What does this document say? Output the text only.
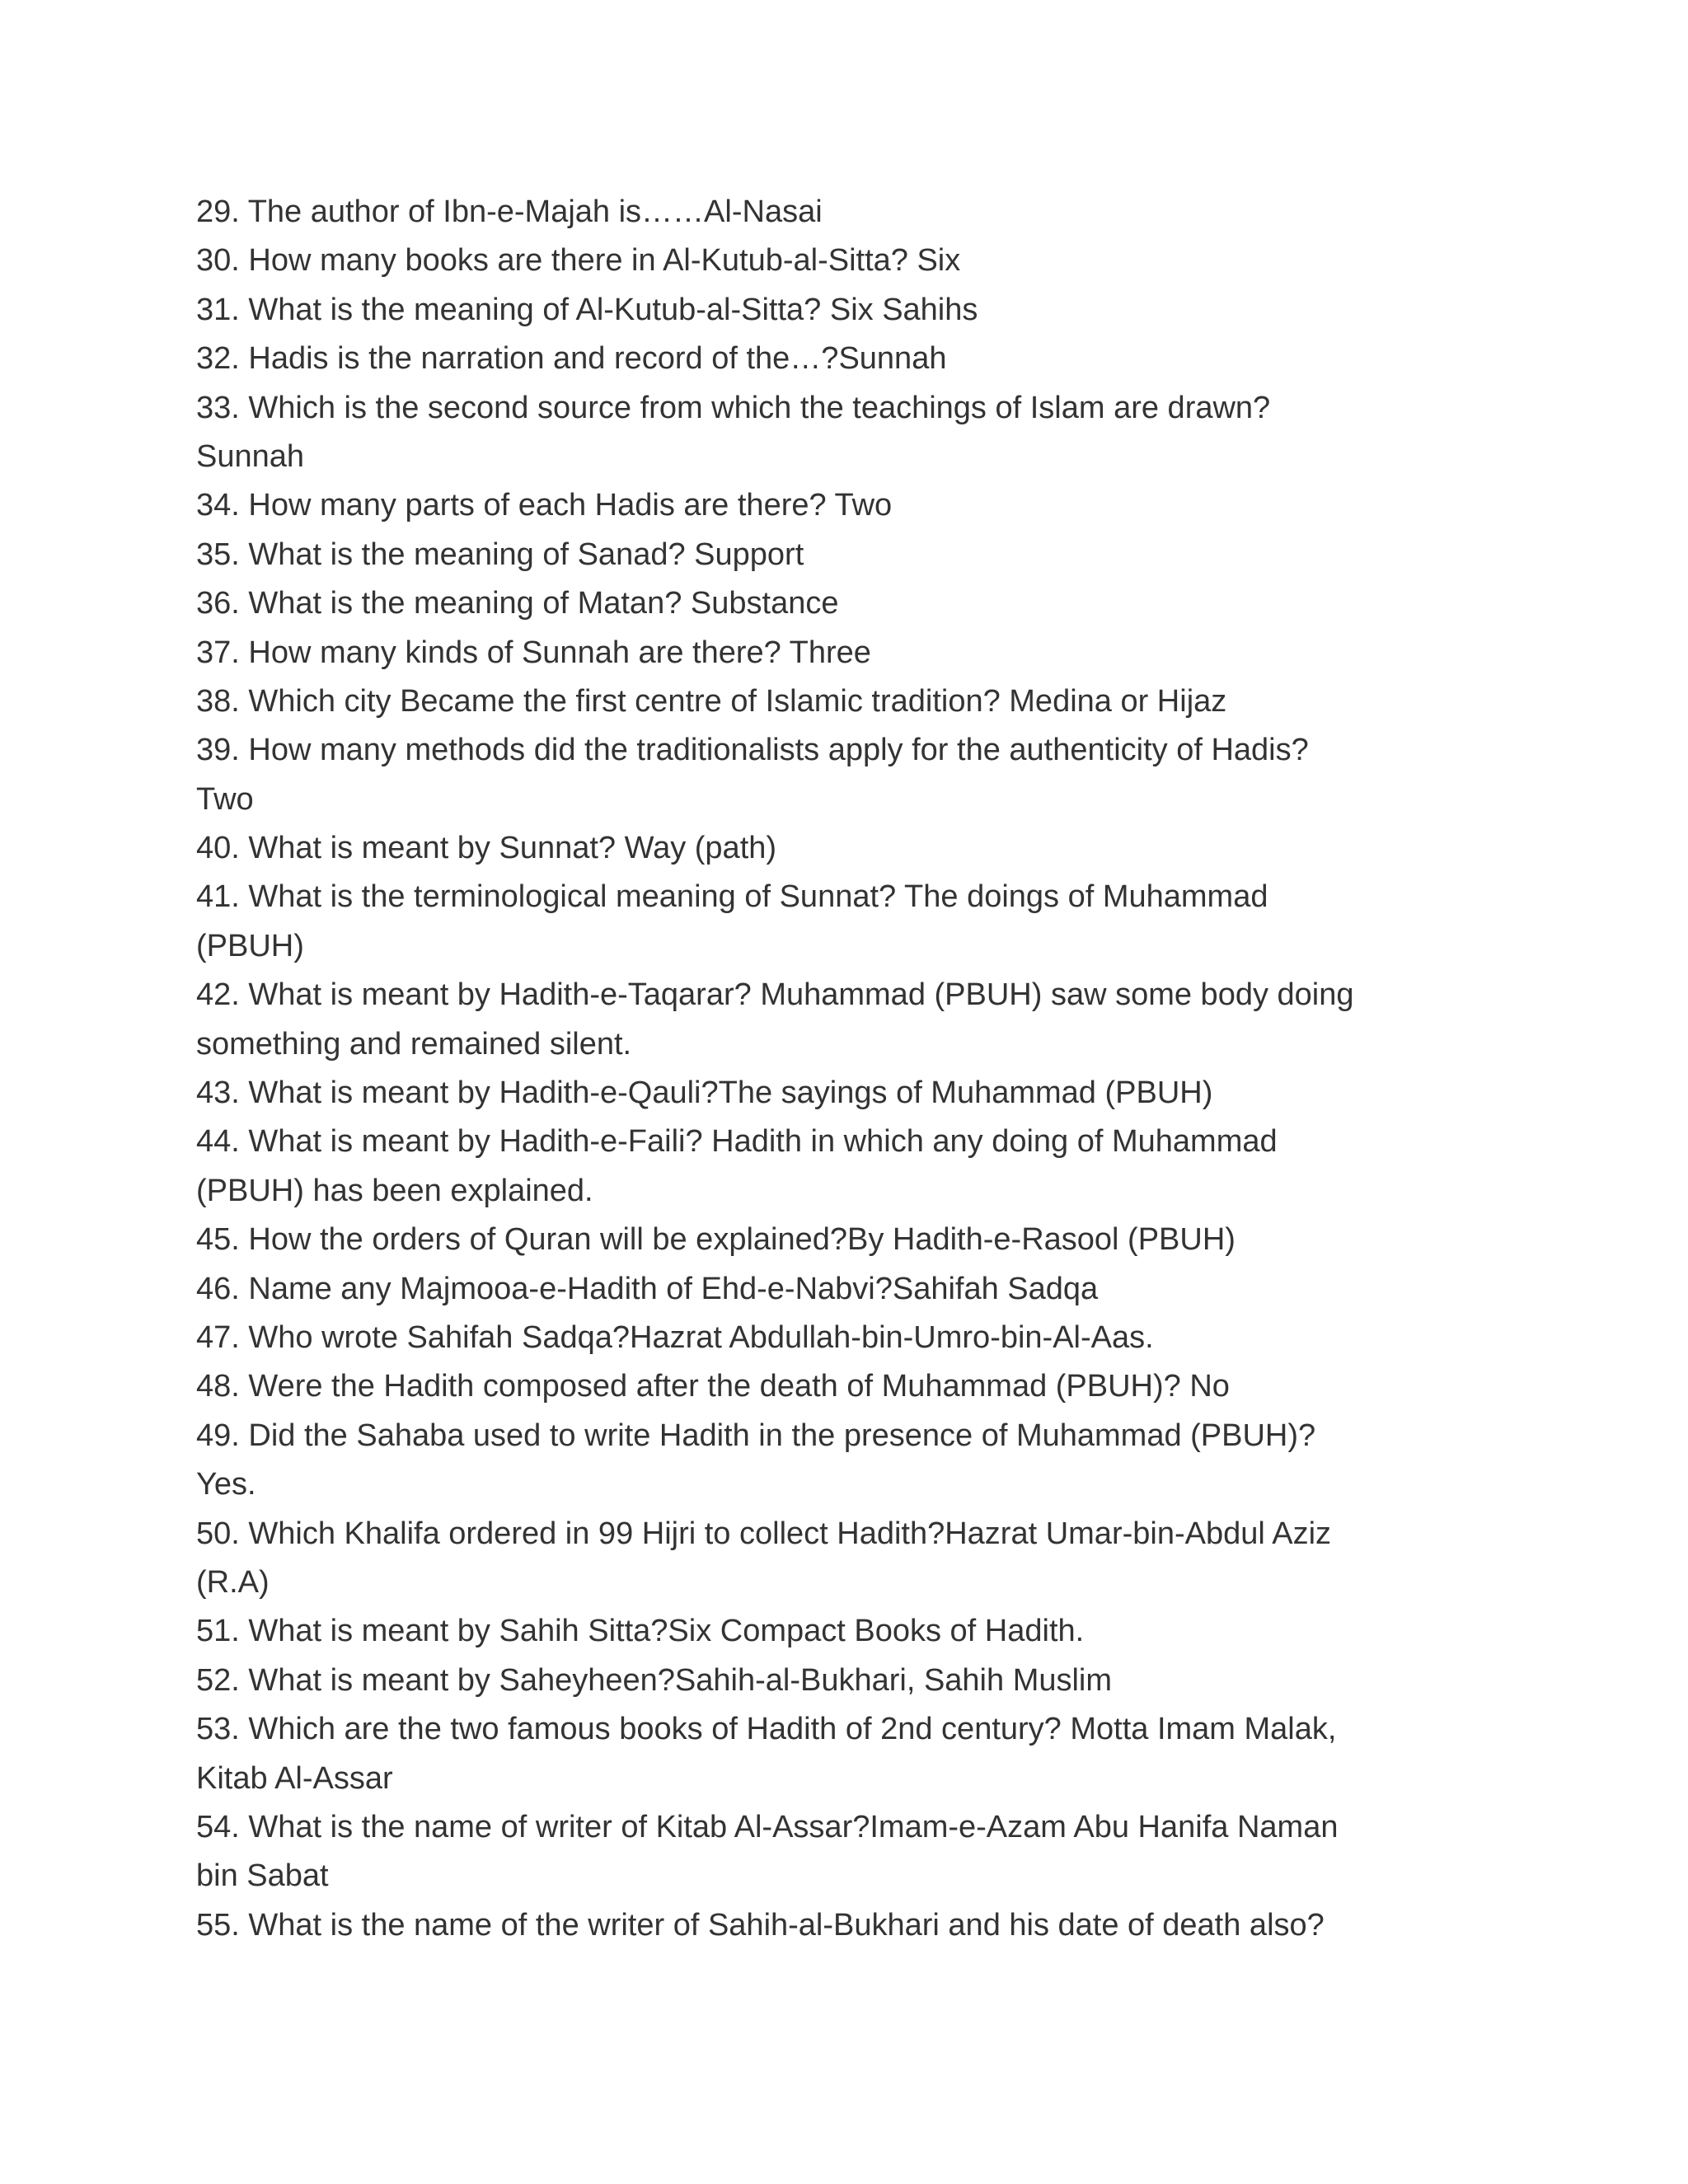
29. The author of Ibn-e-Majah is……Al-Nasai
30. How many books are there in Al-Kutub-al-Sitta? Six
31. What is the meaning of Al-Kutub-al-Sitta? Six Sahihs
32. Hadis is the narration and record of the…?Sunnah
33. Which is the second source from which the teachings of Islam are drawn?
Sunnah
34. How many parts of each Hadis are there? Two
35. What is the meaning of Sanad? Support
36. What is the meaning of Matan? Substance
37. How many kinds of Sunnah are there? Three
38. Which city Became the first centre of Islamic tradition? Medina or Hijaz
39. How many methods did the traditionalists apply for the authenticity of Hadis?
Two
40. What is meant by Sunnat? Way (path)
41. What is the terminological meaning of Sunnat? The doings of Muhammad
(PBUH)
42. What is meant by Hadith-e-Taqarar? Muhammad (PBUH) saw some body doing
something and remained silent.
43. What is meant by Hadith-e-Qauli?The sayings of Muhammad (PBUH)
44. What is meant by Hadith-e-Faili? Hadith in which any doing of Muhammad
(PBUH) has been explained.
45. How the orders of Quran will be explained?By Hadith-e-Rasool (PBUH)
46. Name any Majmooa-e-Hadith of Ehd-e-Nabvi?Sahifah Sadqa
47. Who wrote Sahifah Sadqa?Hazrat Abdullah-bin-Umro-bin-Al-Aas.
48. Were the Hadith composed after the death of Muhammad (PBUH)? No
49. Did the Sahaba used to write Hadith in the presence of Muhammad (PBUH)?
Yes.
50. Which Khalifa ordered in 99 Hijri to collect Hadith?Hazrat Umar-bin-Abdul Aziz
(R.A)
51. What is meant by Sahih Sitta?Six Compact Books of Hadith.
52. What is meant by Saheyheen?Sahih-al-Bukhari, Sahih Muslim
53. Which are the two famous books of Hadith of 2nd century? Motta Imam Malak,
Kitab Al-Assar
54. What is the name of writer of Kitab Al-Assar?Imam-e-Azam Abu Hanifa Naman
bin Sabat
55. What is the name of the writer of Sahih-al-Bukhari and his date of death also?
